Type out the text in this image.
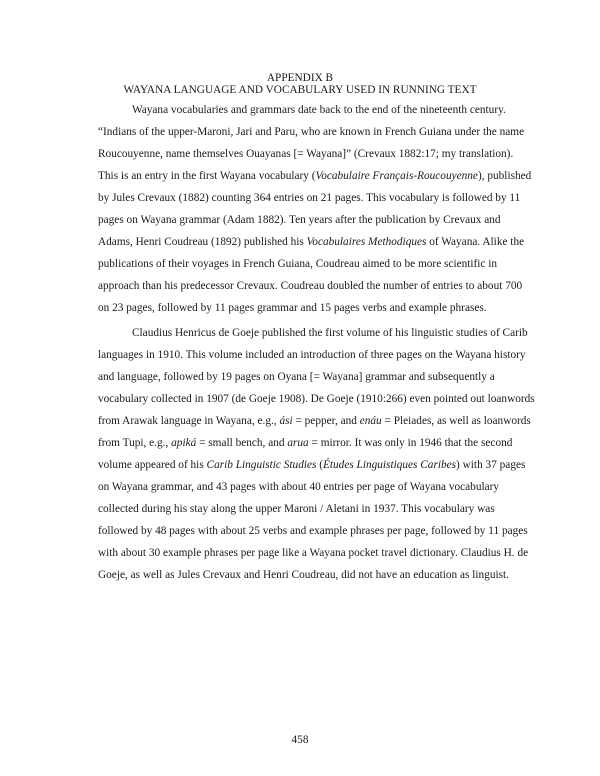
APPENDIX B
WAYANA LANGUAGE AND VOCABULARY USED IN RUNNING TEXT
Wayana vocabularies and grammars date back to the end of the nineteenth century.
“Indians of the upper-Maroni, Jari and Paru, who are known in French Guiana under the name
Roucouyenne, name themselves Ouayanas [= Wayana]” (Crevaux 1882:17; my translation).
This is an entry in the first Wayana vocabulary (Vocabulaire Français-Roucouyenne), published
by Jules Crevaux (1882) counting 364 entries on 21 pages. This vocabulary is followed by 11
pages on Wayana grammar (Adam 1882). Ten years after the publication by Crevaux and
Adams, Henri Coudreau (1892) published his Vocabulaires Methodiques of Wayana. Alike the
publications of their voyages in French Guiana, Coudreau aimed to be more scientific in
approach than his predecessor Crevaux. Coudreau doubled the number of entries to about 700
on 23 pages, followed by 11 pages grammar and 15 pages verbs and example phrases.
Claudius Henricus de Goeje published the first volume of his linguistic studies of Carib
languages in 1910. This volume included an introduction of three pages on the Wayana history
and language, followed by 19 pages on Oyana [= Wayana] grammar and subsequently a
vocabulary collected in 1907 (de Goeje 1908). De Goeje (1910:266) even pointed out loanwords
from Arawak language in Wayana, e.g., ási = pepper, and enáu = Pleiades, as well as loanwords
from Tupi, e.g., apiká = small bench, and arua = mirror. It was only in 1946 that the second
volume appeared of his Carib Linguistic Studies (Études Linguistiques Caribes) with 37 pages
on Wayana grammar, and 43 pages with about 40 entries per page of Wayana vocabulary
collected during his stay along the upper Maroni / Aletani in 1937. This vocabulary was
followed by 48 pages with about 25 verbs and example phrases per page, followed by 11 pages
with about 30 example phrases per page like a Wayana pocket travel dictionary. Claudius H. de
Goeje, as well as Jules Crevaux and Henri Coudreau, did not have an education as linguist.
458
